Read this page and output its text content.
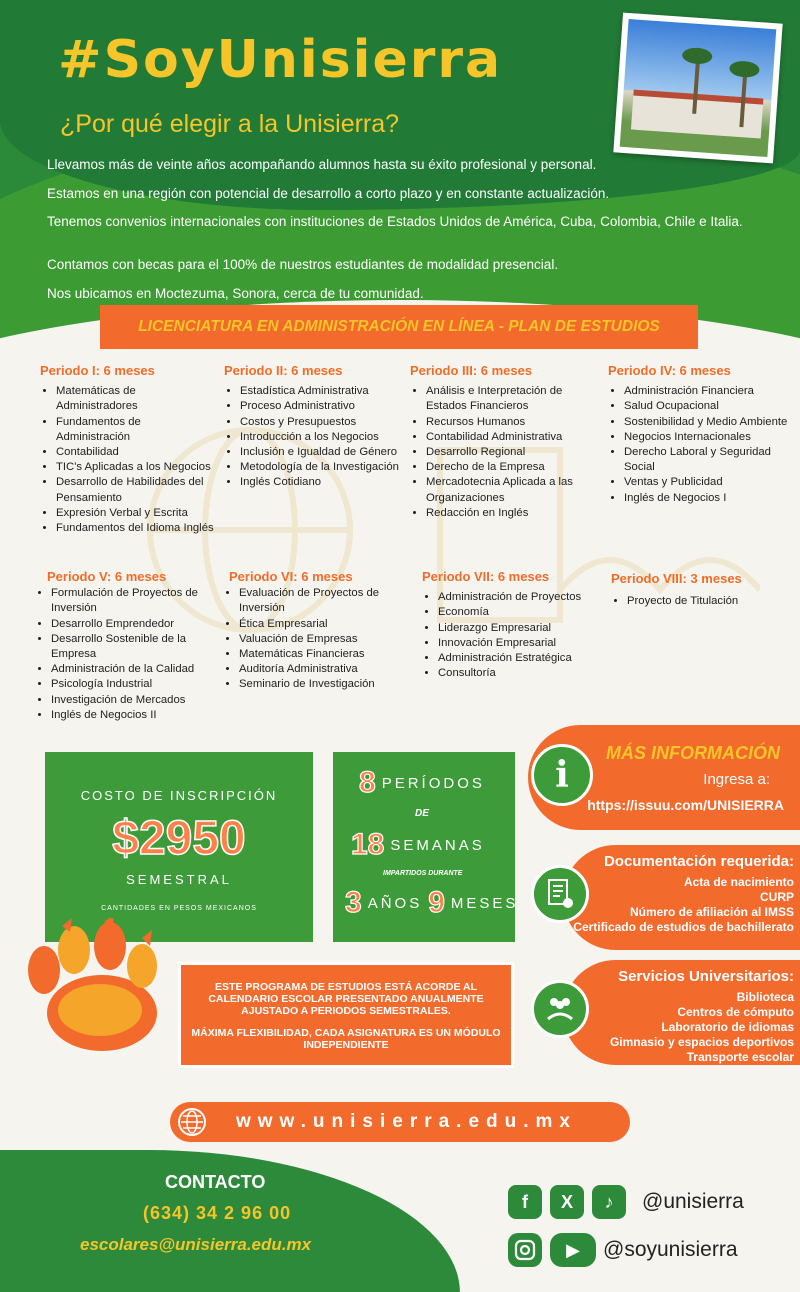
#SoyUnisierra
¿Por qué elegir a la Unisierra?
Llevamos más de veinte años acompañando alumnos hasta su éxito profesional y personal.
Estamos en una región con potencial de desarrollo a corto plazo y en constante actualización.
Tenemos convenios internacionales con instituciones de Estados Unidos de América, Cuba, Colombia, Chile e Italia.
Contamos con becas para el 100% de nuestros estudiantes de modalidad presencial.
Nos ubicamos en Moctezuma, Sonora, cerca de tu comunidad.
LICENCIATURA EN ADMINISTRACIÓN EN LÍNEA - PLAN DE ESTUDIOS
Periodo I: 6 meses
• Matemáticas de Administradores
• Fundamentos de Administración
• Contabilidad
• TIC's Aplicadas a los Negocios
• Desarrollo de Habilidades del Pensamiento
• Expresión Verbal y Escrita
• Fundamentos del Idioma Inglés
Periodo II: 6 meses
• Estadística Administrativa
• Proceso Administrativo
• Costos y Presupuestos
• Introducción a los Negocios
• Inclusión e Igualdad de Género
• Metodología de la Investigación
• Inglés Cotidiano
Periodo III: 6 meses
• Análisis e Interpretación de Estados Financieros
• Recursos Humanos
• Contabilidad Administrativa
• Desarrollo Regional
• Derecho de la Empresa
• Mercadotecnia Aplicada a las Organizaciones
• Redacción en Inglés
Periodo IV: 6 meses
• Administración Financiera
• Salud Ocupacional
• Sostenibilidad y Medio Ambiente
• Negocios Internacionales
• Derecho Laboral y Seguridad Social
• Ventas y Publicidad
• Inglés de Negocios I
Periodo V: 6 meses
• Formulación de Proyectos de Inversión
• Desarrollo Emprendedor
• Desarrollo Sostenible de la Empresa
• Administración de la Calidad
• Psicología Industrial
• Investigación de Mercados
• Inglés de Negocios II
Periodo VI: 6 meses
• Evaluación de Proyectos de Inversión
• Ética Empresarial
• Valuación de Empresas
• Matemáticas Financieras
• Auditoría Administrativa
• Seminario de Investigación
Periodo VII: 6 meses
• Administración de Proyectos
• Economía
• Liderazgo Empresarial
• Innovación Empresarial
• Administración Estratégica
• Consultoría
Periodo VIII: 3 meses
• Proyecto de Titulación
COSTO DE INSCRIPCIÓN
$2950
SEMESTRAL
CANTIDADES EN PESOS MEXICANOS
8 PERÍODOS
DE
18 SEMANAS
IMPARTIDOS DURANTE
3 AÑOS 9 MESES
MÁS INFORMACIÓN
Ingresa a:
https://issuu.com/UNISIERRA
i
Documentación requerida:
Acta de nacimiento
CURP
Número de afiliación al IMSS
Certificado de estudios de bachillerato
Servicios Universitarios:
Biblioteca
Centros de cómputo
Laboratorio de idiomas
Gimnasio y espacios deportivos
Transporte escolar

ESTE PROGRAMA DE ESTUDIOS ESTÁ ACORDE AL CALENDARIO ESCOLAR PRESENTADO ANUALMENTE AJUSTADO A PERIODOS SEMESTRALES.

MÁXIMA FLEXIBILIDAD, CADA ASIGNATURA ES UN MÓDULO INDEPENDIENTE

www.unisierra.edu.mx
CONTACTO
(634) 34 2 96 00
escolares@unisierra.edu.mx
f	X	♪	@unisierra
▶	@soyunisierra
